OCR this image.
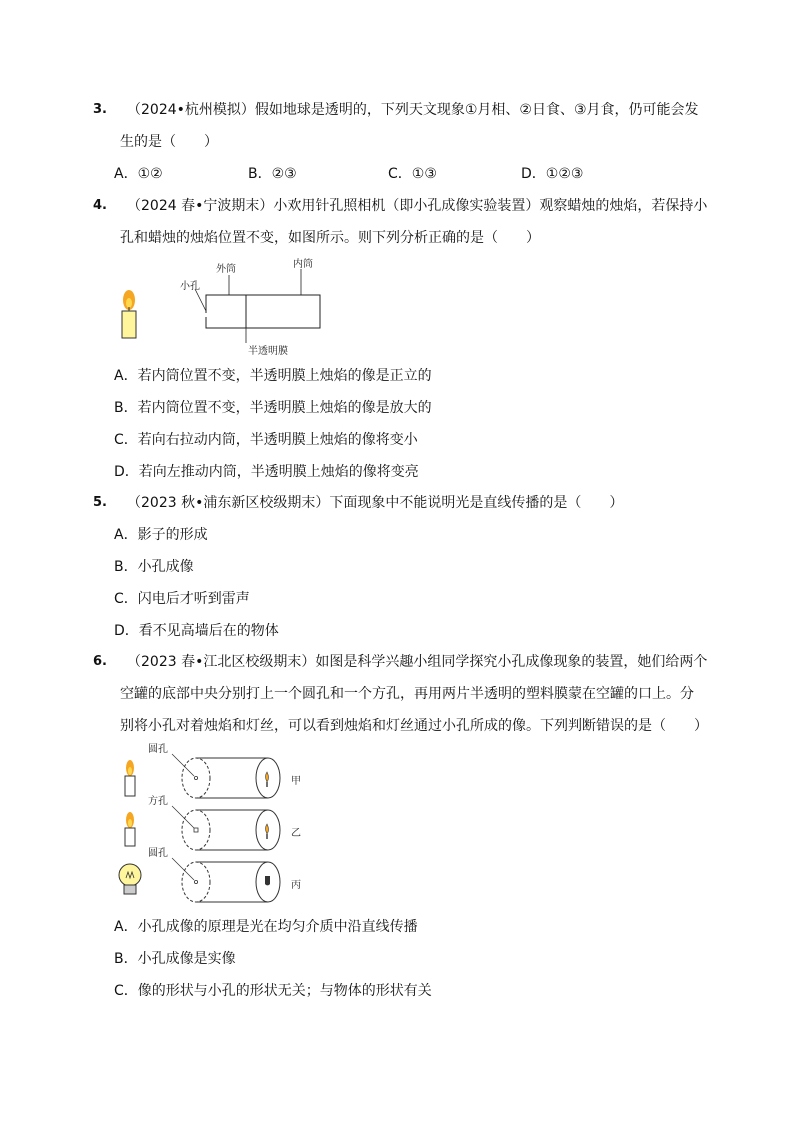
3. （2024•杭州模拟）假如地球是透明的，下列天文现象①月相、②日食、③月食，仍可能会发
生的是（　　）
A．①②	B．②③	C．①③	D．①②③
4. （2024 春•宁波期末）小欢用针孔照相机（即小孔成像实验装置）观察蜡烛的烛焰，若保持小
孔和蜡烛的烛焰位置不变，如图所示。则下列分析正确的是（　　）
外筒	内筒
小孔
半透明膜
A．若内筒位置不变，半透明膜上烛焰的像是正立的
B．若内筒位置不变，半透明膜上烛焰的像是放大的
C．若向右拉动内筒，半透明膜上烛焰的像将变小
D．若向左推动内筒，半透明膜上烛焰的像将变亮
5. （2023 秋•浦东新区校级期末）下面现象中不能说明光是直线传播的是（　　）
A．影子的形成
B．小孔成像
C．闪电后才听到雷声
D．看不见高墙后在的物体
6. （2023 春•江北区校级期末）如图是科学兴趣小组同学探究小孔成像现象的装置，她们给两个
空罐的底部中央分别打上一个圆孔和一个方孔，再用两片半透明的塑料膜蒙在空罐的口上。分
别将小孔对着烛焰和灯丝，可以看到烛焰和灯丝通过小孔所成的像。下列判断错误的是（　　）
圆孔
甲
方孔
乙
圆孔
丙
A．小孔成像的原理是光在均匀介质中沿直线传播
B．小孔成像是实像
C．像的形状与小孔的形状无关；与物体的形状有关
